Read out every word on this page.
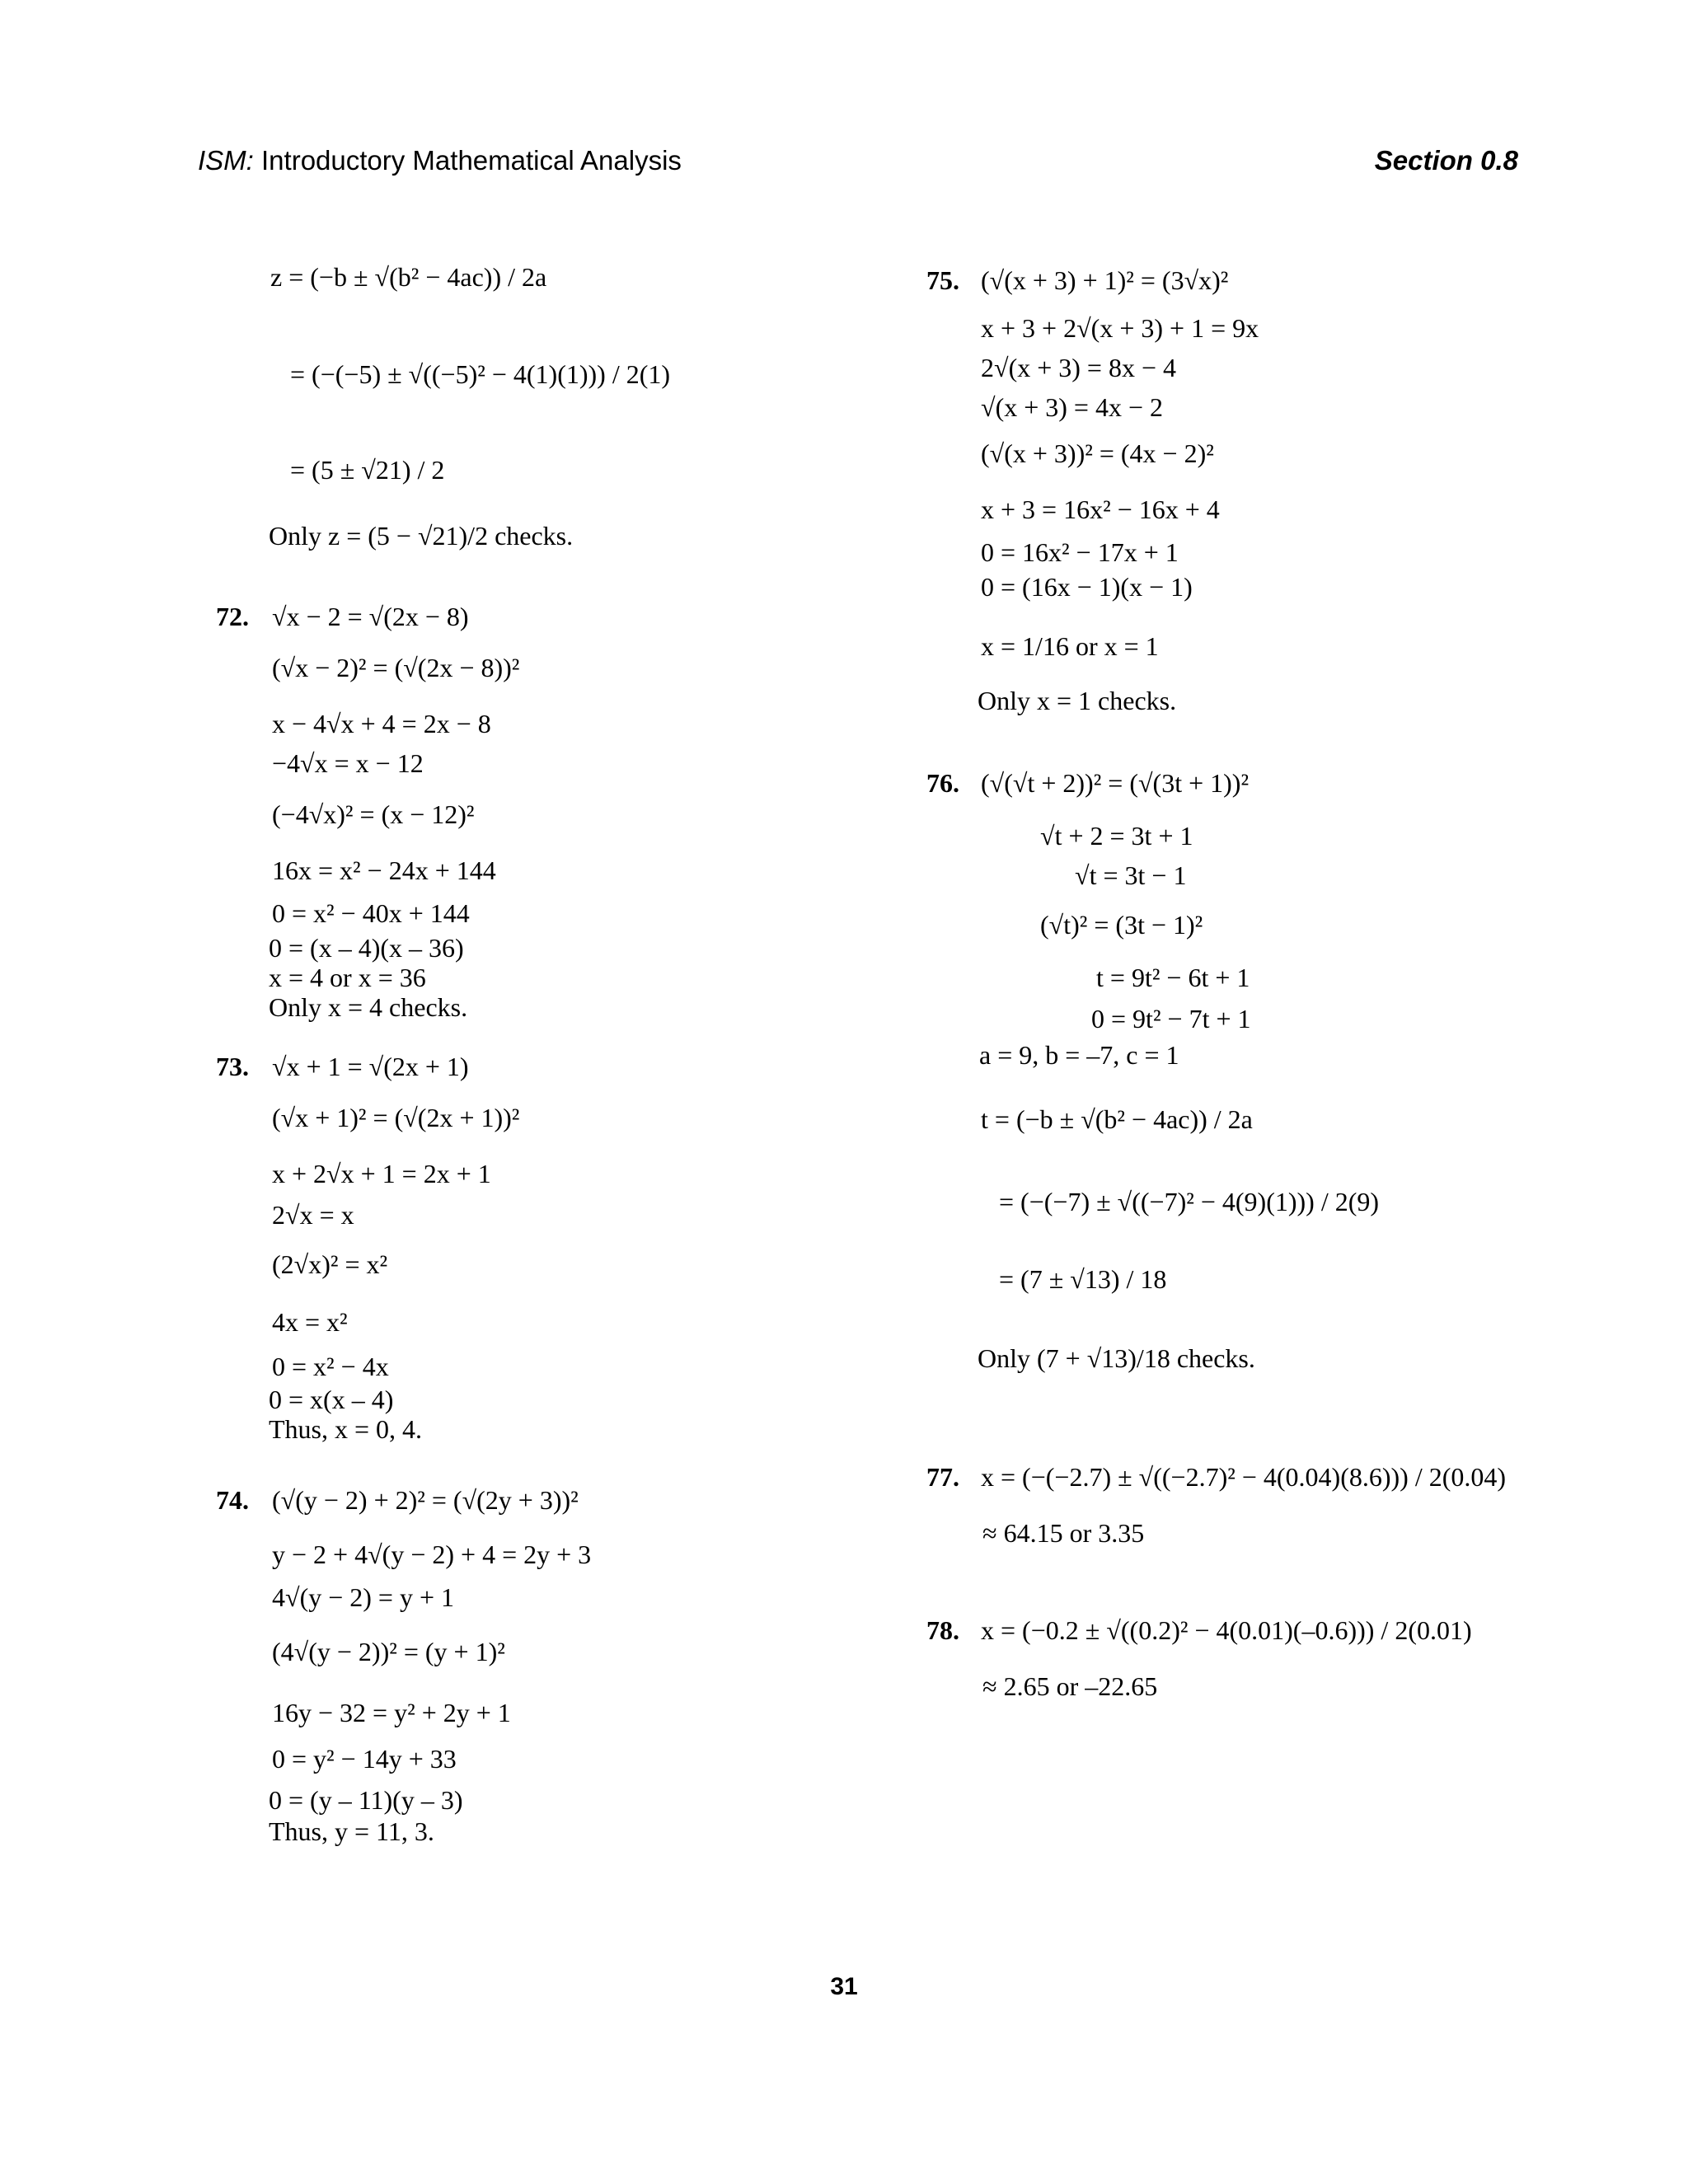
ISM: Introductory Mathematical Analysis	Section 0.8
z = (−b ± √(b² − 4ac)) / 2a
= (−(−5) ± √((−5)² − 4(1)(1))) / 2(1)
= (5 ± √21) / 2
Only z = (5 − √21)/2 checks.
72. √x − 2 = √(2x − 8)
(√x − 2)² = (√(2x − 8))²
x − 4√x + 4 = 2x − 8
−4√x = x − 12
(−4√x)² = (x − 12)²
16x = x² − 24x + 144
0 = x² − 40x + 144
0 = (x – 4)(x – 36)
x = 4 or x = 36
Only x = 4 checks.
73. √x + 1 = √(2x + 1)
(√x + 1)² = (√(2x + 1))²
x + 2√x + 1 = 2x + 1
2√x = x
(2√x)² = x²
4x = x²
0 = x² − 4x
0 = x(x – 4)
Thus, x = 0, 4.
74. (√(y − 2) + 2)² = (√(2y + 3))²
y − 2 + 4√(y − 2) + 4 = 2y + 3
4√(y − 2) = y + 1
(4√(y − 2))² = (y + 1)²
16y − 32 = y² + 2y + 1
0 = y² − 14y + 33
0 = (y – 11)(y – 3)
Thus, y = 11, 3.
75. (√(x + 3) + 1)² = (3√x)²
x + 3 + 2√(x + 3) + 1 = 9x
2√(x + 3) = 8x − 4
√(x + 3) = 4x − 2
(√(x + 3))² = (4x − 2)²
x + 3 = 16x² − 16x + 4
0 = 16x² − 17x + 1
0 = (16x − 1)(x − 1)
x = 1/16 or x = 1
Only x = 1 checks.
76. (√(√t + 2))² = (√(3t + 1))²
√t + 2 = 3t + 1
√t = 3t − 1
(√t)² = (3t − 1)²
t = 9t² − 6t + 1
0 = 9t² − 7t + 1
a = 9, b = –7, c = 1
t = (−b ± √(b² − 4ac)) / 2a
= (−(−7) ± √((−7)² − 4(9)(1))) / 2(9)
= (7 ± √13) / 18
Only (7 + √13)/18 checks.
77. x = (−(−2.7) ± √((−2.7)² − 4(0.04)(8.6))) / 2(0.04)
≈ 64.15 or 3.35
78. x = (−0.2 ± √((0.2)² − 4(0.01)(–0.6))) / 2(0.01)
≈ 2.65 or –22.65
31
